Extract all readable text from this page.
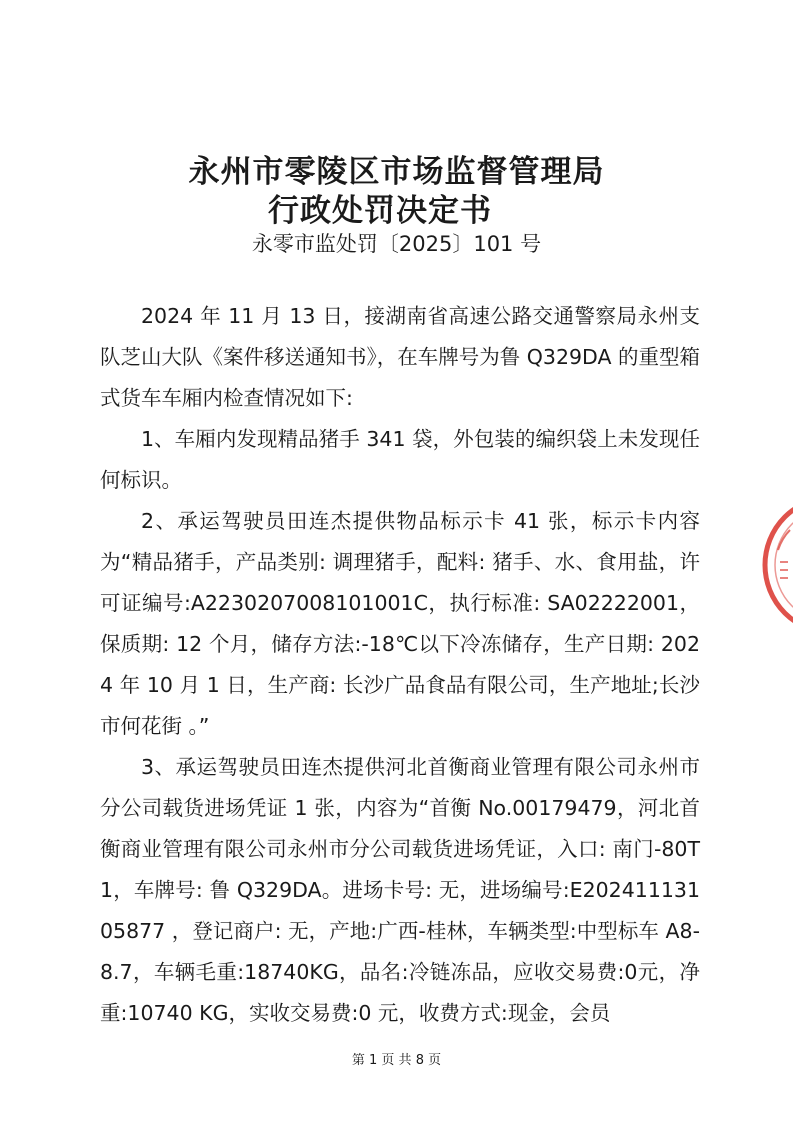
永州市零陵区市场监督管理局
行政处罚决定书
永零市监处罚〔2025〕101 号

2024 年 11 月 13 日，接湖南省高速公路交通警察局永州支队芝山大队《案件移送通知书》，在车牌号为鲁 Q329DA 的重型箱式货车车厢内检查情况如下:

1、车厢内发现精品猪手 341 袋，外包装的编织袋上未发现任何标识。

2、承运驾驶员田连杰提供物品标示卡 41 张，标示卡内容为“精品猪手，产品类别: 调理猪手，配料: 猪手、水、食用盐，许可证编号:A2230207008101001C，执行标准: SA02222001，保质期: 12 个月，储存方法:-18℃以下冷冻储存，生产日期: 2024 年 10 月 1 日，生产商: 长沙广品食品有限公司，生产地址;长沙市何花街 。”

3、承运驾驶员田连杰提供河北首衡商业管理有限公司永州市分公司载货进场凭证 1 张，内容为“首衡 No.00179479，河北首衡商业管理有限公司永州市分公司载货进场凭证，入口: 南门-80T1，车牌号: 鲁 Q329DA。进场卡号: 无，进场编号:E20241113105877 ，登记商户: 无，产地:广西-桂林，车辆类型:中型标车 A8-8.7，车辆毛重:18740KG，品名:冷链冻品，应收交易费:0元，净重:10740 KG，实收交易费:0 元，收费方式:现金，会员

第 1 页 共 8 页
